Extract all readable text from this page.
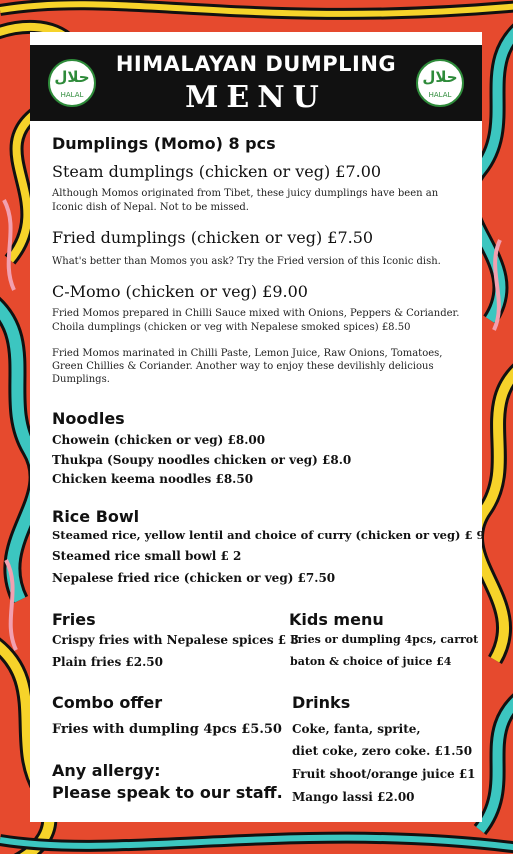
حلال
HALAL
HIMALAYAN DUMPLING
MENU
حلال
HALAL
Dumplings (Momo) 8 pcs
Steam dumplings (chicken or veg) £7.00
Although Momos originated from Tibet, these juicy dumplings have been an
Iconic dish of Nepal. Not to be missed.
Fried dumplings (chicken or veg) £7.50
What's better than Momos you ask? Try the Fried version of this Iconic dish.
C-Momo (chicken or veg) £9.00
Fried Momos prepared in Chilli Sauce mixed with Onions, Peppers & Coriander.
Choila dumplings (chicken or veg with Nepalese smoked spices) £8.50
Fried Momos marinated in Chilli Paste, Lemon Juice, Raw Onions, Tomatoes,
Green Chillies & Coriander. Another way to enjoy these devilishly delicious
Dumplings.
Noodles
Chowein (chicken or veg) £8.00
Thukpa (Soupy noodles chicken or veg) £8.0
Chicken keema noodles £8.50
Rice Bowl
Steamed rice, yellow lentil and choice of curry (chicken or veg) £ 9
Steamed rice small bowl £ 2
Nepalese fried rice (chicken or veg) £7.50
Fries
Crispy fries with Nepalese spices £ 3
Plain fries £2.50
Kids menu
Fries or dumpling 4pcs, carrot
baton & choice of juice £4
Combo offer
Fries with dumpling 4pcs £5.50
Drinks
Coke, fanta, sprite,
diet coke, zero coke. £1.50
Fruit shoot/orange juice £1
Mango lassi £2.00
Any allergy:
Please speak to our staff.
